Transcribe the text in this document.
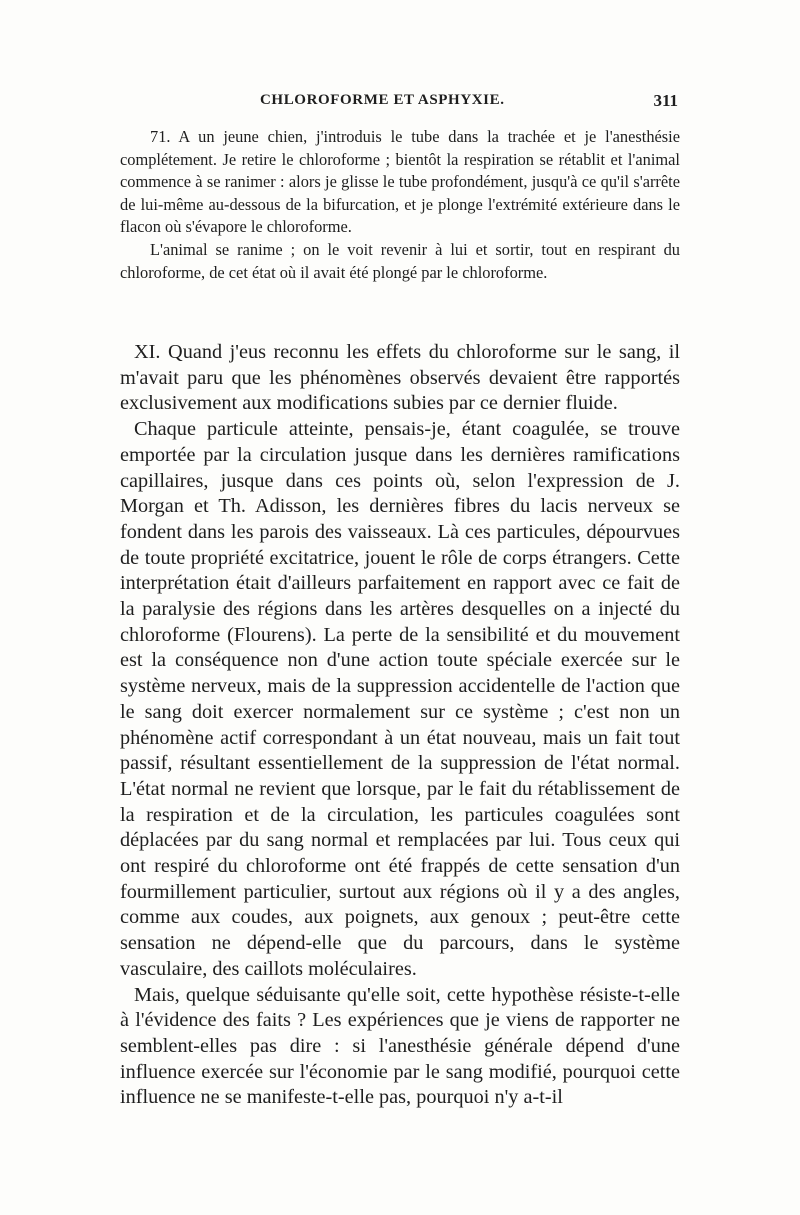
CHLOROFORME ET ASPHYXIE.	311

71. A un jeune chien, j'introduis le tube dans la trachée et je l'anesthésie complétement. Je retire le chloroforme ; bientôt la respiration se rétablit et l'animal commence à se ranimer : alors je glisse le tube profondément, jusqu'à ce qu'il s'arrête de lui-même au-dessous de la bifurcation, et je plonge l'extrémité extérieure dans le flacon où s'évapore le chloroforme.

L'animal se ranime ; on le voit revenir à lui et sortir, tout en respirant du chloroforme, de cet état où il avait été plongé par le chloroforme.

XI. Quand j'eus reconnu les effets du chloroforme sur le sang, il m'avait paru que les phénomènes observés devaient être rapportés exclusivement aux modifications subies par ce dernier fluide.

Chaque particule atteinte, pensais-je, étant coagulée, se trouve emportée par la circulation jusque dans les dernières ramifications capillaires, jusque dans ces points où, selon l'expression de J. Morgan et Th. Adisson, les dernières fibres du lacis nerveux se fondent dans les parois des vaisseaux. Là ces particules, dépourvues de toute propriété excitatrice, jouent le rôle de corps étrangers. Cette interprétation était d'ailleurs parfaitement en rapport avec ce fait de la paralysie des régions dans les artères desquelles on a injecté du chloroforme (Flourens). La perte de la sensibilité et du mouvement est la conséquence non d'une action toute spéciale exercée sur le système nerveux, mais de la suppression accidentelle de l'action que le sang doit exercer normalement sur ce système ; c'est non un phénomène actif correspondant à un état nouveau, mais un fait tout passif, résultant essentiellement de la suppression de l'état normal. L'état normal ne revient que lorsque, par le fait du rétablissement de la respiration et de la circulation, les particules coagulées sont déplacées par du sang normal et remplacées par lui. Tous ceux qui ont respiré du chloroforme ont été frappés de cette sensation d'un fourmillement particulier, surtout aux régions où il y a des angles, comme aux coudes, aux poignets, aux genoux ; peut-être cette sensation ne dépend-elle que du parcours, dans le système vasculaire, des caillots moléculaires.

Mais, quelque séduisante qu'elle soit, cette hypothèse résiste-t-elle à l'évidence des faits ? Les expériences que je viens de rapporter ne semblent-elles pas dire : si l'anesthésie générale dépend d'une influence exercée sur l'économie par le sang modifié, pourquoi cette influence ne se manifeste-t-elle pas, pourquoi n'y a-t-il
